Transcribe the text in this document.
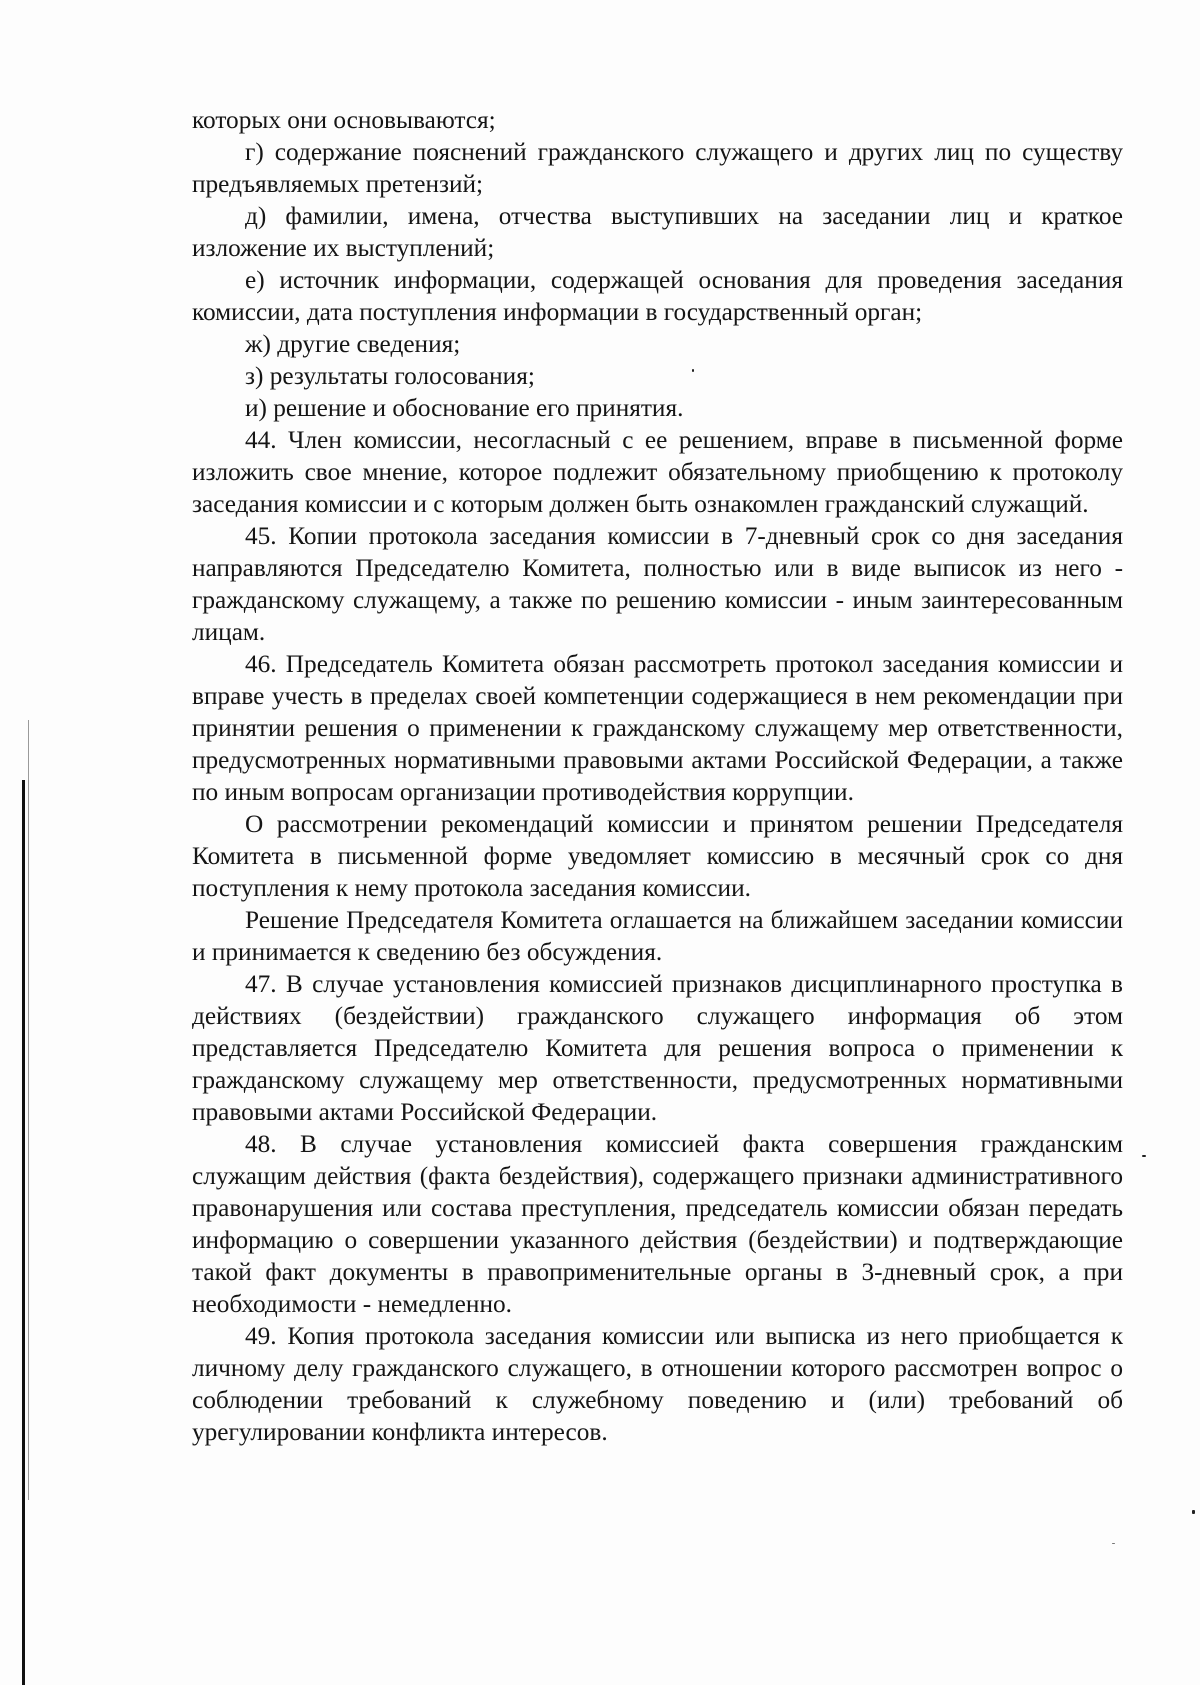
которых они основываются;

г) содержание пояснений гражданского служащего и других лиц по существу предъявляемых претензий;

д) фамилии, имена, отчества выступивших на заседании лиц и краткое изложение их выступлений;

е) источник информации, содержащей основания для проведения заседания комиссии, дата поступления информации в государственный орган;

ж) другие сведения;

з) результаты голосования;

и) решение и обоснование его принятия.

44. Член комиссии, несогласный с ее решением, вправе в письменной форме изложить свое мнение, которое подлежит обязательному приобщению к протоколу заседания комиссии и с которым должен быть ознакомлен гражданский служащий.

45. Копии протокола заседания комиссии в 7-дневный срок со дня заседания направляются Председателю Комитета, полностью или в виде выписок из него - гражданскому служащему, а также по решению комиссии - иным заинтересованным лицам.

46. Председатель Комитета обязан рассмотреть протокол заседания комиссии и вправе учесть в пределах своей компетенции содержащиеся в нем рекомендации при принятии решения о применении к гражданскому служащему мер ответственности, предусмотренных нормативными правовыми актами Российской Федерации, а также по иным вопросам организации противодействия коррупции.

О рассмотрении рекомендаций комиссии и принятом решении Председателя Комитета в письменной форме уведомляет комиссию в месячный срок со дня поступления к нему протокола заседания комиссии.

Решение Председателя Комитета оглашается на ближайшем заседании комиссии и принимается к сведению без обсуждения.

47. В случае установления комиссией признаков дисциплинарного проступка в действиях (бездействии) гражданского служащего информация об этом представляется Председателю Комитета для решения вопроса о применении к гражданскому служащему мер ответственности, предусмотренных нормативными правовыми актами Российской Федерации.

48. В случае установления комиссией факта совершения гражданским служащим действия (факта бездействия), содержащего признаки административного правонарушения или состава преступления, председатель комиссии обязан передать информацию о совершении указанного действия (бездействии) и подтверждающие такой факт документы в правоприменительные органы в 3-дневный срок, а при необходимости - немедленно.

49. Копия протокола заседания комиссии или выписка из него приобщается к личному делу гражданского служащего, в отношении которого рассмотрен вопрос о соблюдении требований к служебному поведению и (или) требований об урегулировании конфликта интересов.
